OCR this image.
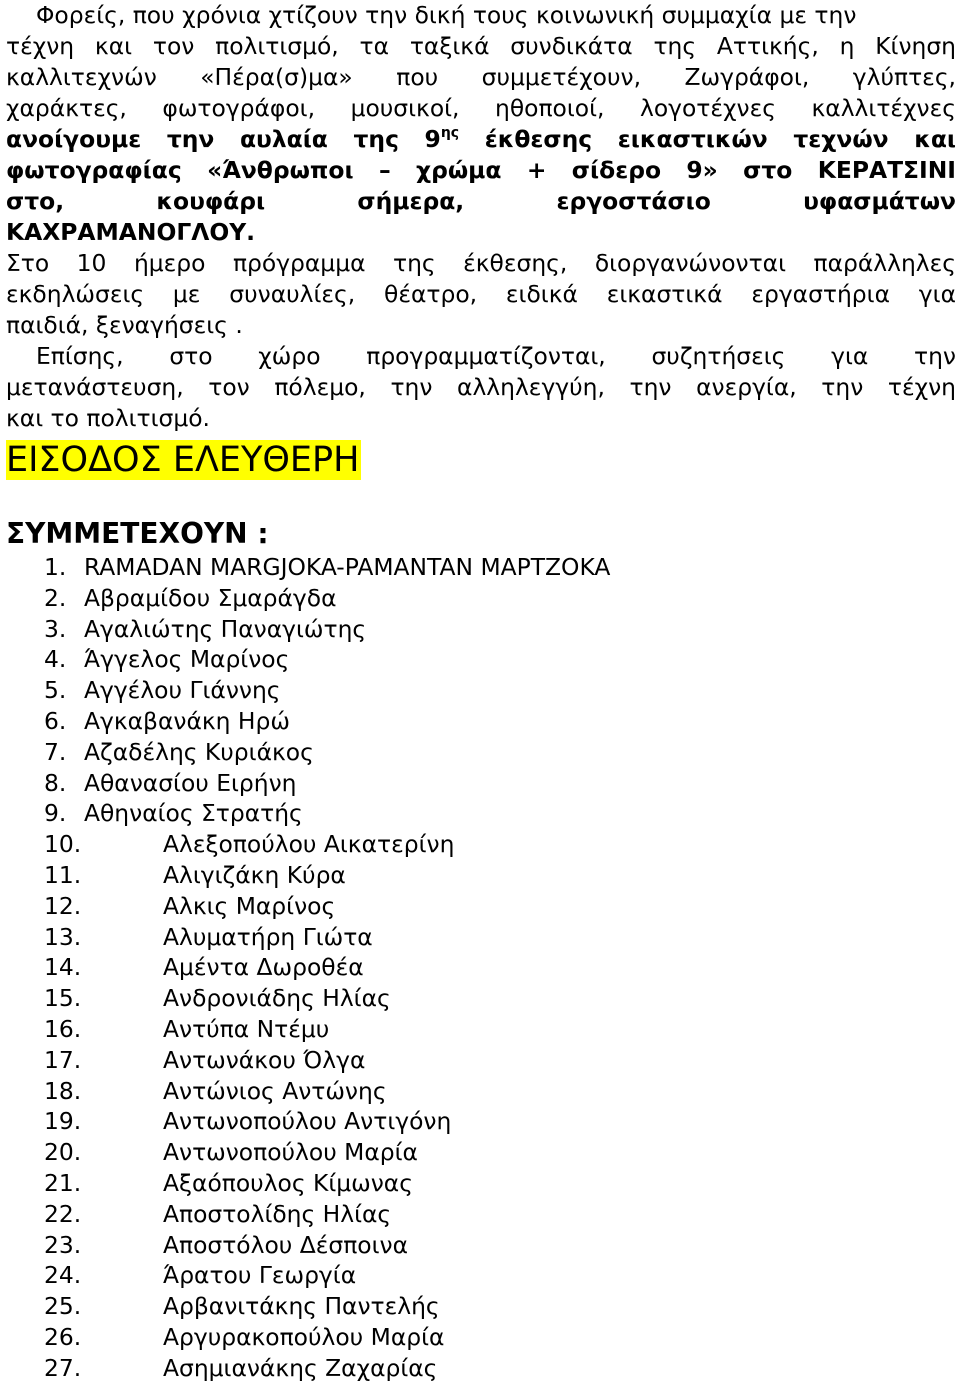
Φορείς, που χρόνια χτίζουν την δική τους κοινωνική συμμαχία με την
τέχνη και τον πολιτισμό, τα ταξικά συνδικάτα της Αττικής, η Κίνηση
καλλιτεχνών «Πέρα(σ)μα» που συμμετέχουν, Ζωγράφοι, γλύπτες,
χαράκτες, φωτογράφοι, μουσικοί, ηθοποιοί, λογοτέχνες καλλιτέχνες
ανοίγουμε την αυλαία της $9^{\eta\varsigma}$ έκθεσης εικαστικών τεχνών και
φωτογραφίας «Άνθρωποι – χρώμα + σίδερο 9» στο ΚΕΡΑΤΣΙΝΙ
στο, κουφάρι σήμερα, εργοστάσιο υφασμάτων
ΚΑΧΡΑΜΑΝΟΓΛΟΥ.
Στο 10 ήμερο πρόγραμμα της έκθεσης, διοργανώνονται παράλληλες
εκδηλώσεις με συναυλίες, θέατρο, ειδικά εικαστικά εργαστήρια για
παιδιά, ξεναγήσεις .
Επίσης, στο χώρο προγραμματίζονται, συζητήσεις για την
μετανάστευση, τον πόλεμο, την αλληλεγγύη, την ανεργία, την τέχνη
και το πολιτισμό.
ΕΙΣΟΔΟΣ ΕΛΕΥΘΕΡΗ
ΣΥΜΜΕΤΕΧΟΥΝ :
1. RAMADAN MARGJOKA-PAMANTAN MAPTZOKA
2. Αβραμίδου Σμαράγδα
3. Αγαλιώτης Παναγιώτης
4. Άγγελος Μαρίνος
5. Αγγέλου Γιάννης
6. Αγκαβανάκη Ηρώ
7. Αζαδέλης Κυριάκος
8. Αθανασίου Ειρήνη
9. Αθηναίος Στρατής
10.	Αλεξοπούλου Αικατερίνη
11.	Αλιγιζάκη Κύρα
12.	Αλκις Μαρίνος
13.	Αλυματήρη Γιώτα
14.	Αμέντα Δωροθέα
15.	Ανδρονιάδης Ηλίας
16.	Αντύπα Ντέμυ
17.	Αντωνάκου Όλγα
18.	Αντώνιος Αντώνης
19.	Αντωνοπούλου Αντιγόνη
20.	Αντωνοπούλου Μαρία
21.	Αξαόπουλος Κίμωνας
22.	Αποστολίδης Ηλίας
23.	Αποστόλου Δέσποινα
24.	Άρατου Γεωργία
25.	Αρβανιτάκης Παντελής
26.	Αργυρακοπούλου Μαρία
27.	Ασημιανάκης Ζαχαρίας
